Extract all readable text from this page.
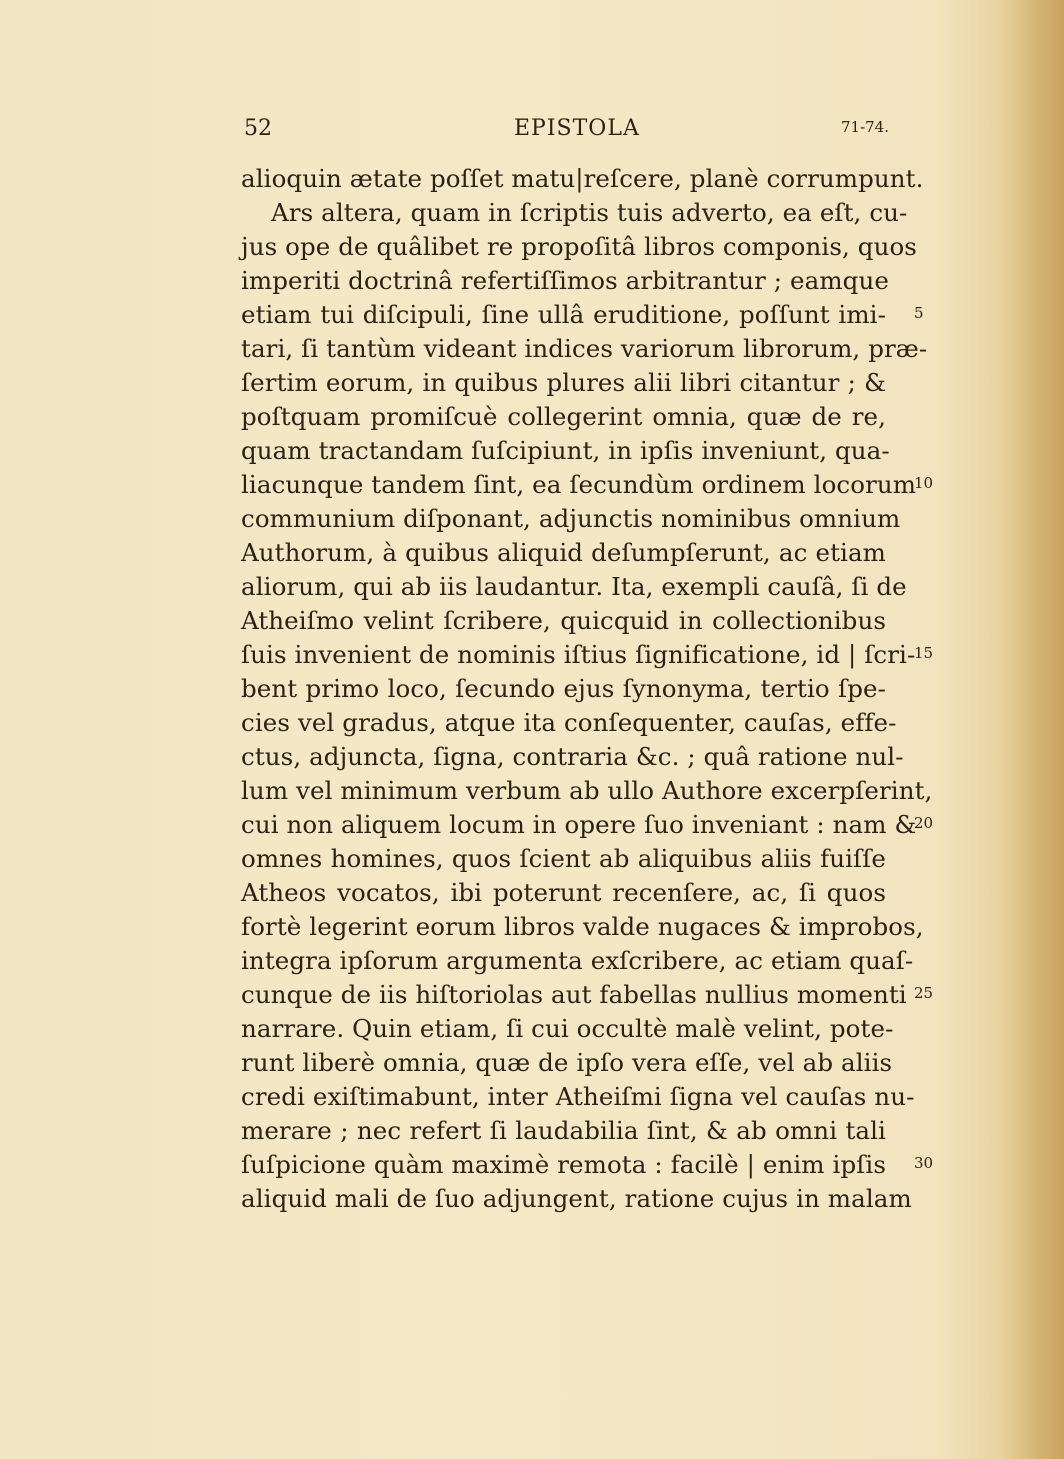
52	EPISTOLA	71-74.
alioquin ætate poſſet matu|reſcere, planè corrumpunt.
Ars altera, quam in ſcriptis tuis adverto, ea eſt, cu-
jus ope de quâlibet re propoſitâ libros componis, quos
imperiti doctrinâ refertiſſimos arbitrantur ; eamque
etiam tui diſcipuli, ſine ullâ eruditione, poſſunt imi-
tari, ſi tantùm videant indices variorum librorum, præ-
ſertim eorum, in quibus plures alii libri citantur ; &
poſtquam promiſcuè collegerint omnia, quæ de re,
quam tractandam ſuſcipiunt, in ipſis inveniunt, qua-
liacunque tandem ſint, ea ſecundùm ordinem locorum
communium diſponant, adjunctis nominibus omnium
Authorum, à quibus aliquid deſumpſerunt, ac etiam
aliorum, qui ab iis laudantur. Ita, exempli cauſâ, ſi de
Atheiſmo velint ſcribere, quicquid in collectionibus
ſuis invenient de nominis iſtius ſignificatione, id | ſcri-
bent primo loco, ſecundo ejus ſynonyma, tertio ſpe-
cies vel gradus, atque ita conſequenter, cauſas, effe-
ctus, adjuncta, ſigna, contraria &c. ; quâ ratione nul-
lum vel minimum verbum ab ullo Authore excerpſerint,
cui non aliquem locum in opere ſuo inveniant : nam &
omnes homines, quos ſcient ab aliquibus aliis fuiſſe
Atheos vocatos, ibi poterunt recenſere, ac, ſi quos
fortè legerint eorum libros valde nugaces & improbos,
integra ipſorum argumenta exſcribere, ac etiam quaſ-
cunque de iis hiſtoriolas aut fabellas nullius momenti
narrare. Quin etiam, ſi cui occultè malè velint, pote-
runt liberè omnia, quæ de ipſo vera eſſe, vel ab aliis
credi exiſtimabunt, inter Atheiſmi ſigna vel cauſas nu-
merare ; nec refert ſi laudabilia ſint, & ab omni tali
ſuſpicione quàm maximè remota : facilè | enim ipſis
aliquid mali de ſuo adjungent, ratione cujus in malam
5
10
15
20
25
30
